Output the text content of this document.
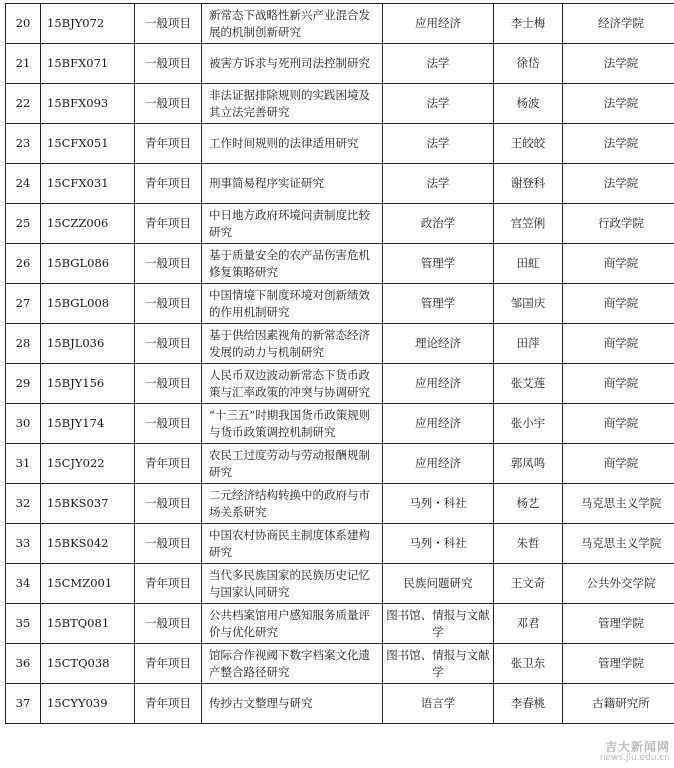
20	15BJY072	一般项目	新常态下战略性新兴产业混合发展的机制创新研究	应用经济	李士梅	经济学院
21	15BFX071	一般项目	被害方诉求与死刑司法控制研究	法学	徐岱	法学院
22	15BFX093	一般项目	非法证据排除规则的实践困境及其立法完善研究	法学	杨波	法学院
23	15CFX051	青年项目	工作时间规则的法律适用研究	法学	王皎皎	法学院
24	15CFX031	青年项目	刑事简易程序实证研究	法学	谢登科	法学院
25	15CZZ006	青年项目	中日地方政府环境问责制度比较研究	政治学	宫笠俐	行政学院
26	15BGL086	一般项目	基于质量安全的农产品伤害危机修复策略研究	管理学	田虹	商学院
27	15BGL008	一般项目	中国情境下制度环境对创新绩效的作用机制研究	管理学	邹国庆	商学院
28	15BJL036	一般项目	基于供给因素视角的新常态经济发展的动力与机制研究	理论经济	田萍	商学院
29	15BJY156	一般项目	人民币双边波动新常态下货币政策与汇率政策的冲突与协调研究	应用经济	张艾莲	商学院
30	15BJY174	一般项目	“十三五”时期我国货币政策规则与货币政策调控机制研究	应用经济	张小宇	商学院
31	15CJY022	青年项目	农民工过度劳动与劳动报酬规制研究	应用经济	郭凤鸣	商学院
32	15BKS037	一般项目	二元经济结构转换中的政府与市场关系研究	马列・科社	杨艺	马克思主义学院
33	15BKS042	一般项目	中国农村协商民主制度体系建构研究	马列・科社	朱哲	马克思主义学院
34	15CMZ001	青年项目	当代多民族国家的民族历史记忆与国家认同研究	民族问题研究	王文奇	公共外交学院
35	15BTQ081	一般项目	公共档案馆用户感知服务质量评价与优化研究	图书馆、情报与文献学	邓君	管理学院
36	15CTQ038	青年项目	馆际合作视阈下数字档案文化遗产整合路径研究	图书馆、情报与文献学	张卫东	管理学院
37	15CYY039	青年项目	传抄古文整理与研究	语言学	李春桃	古籍研究所
吉大新闻网
news.jlu.edu.cn
